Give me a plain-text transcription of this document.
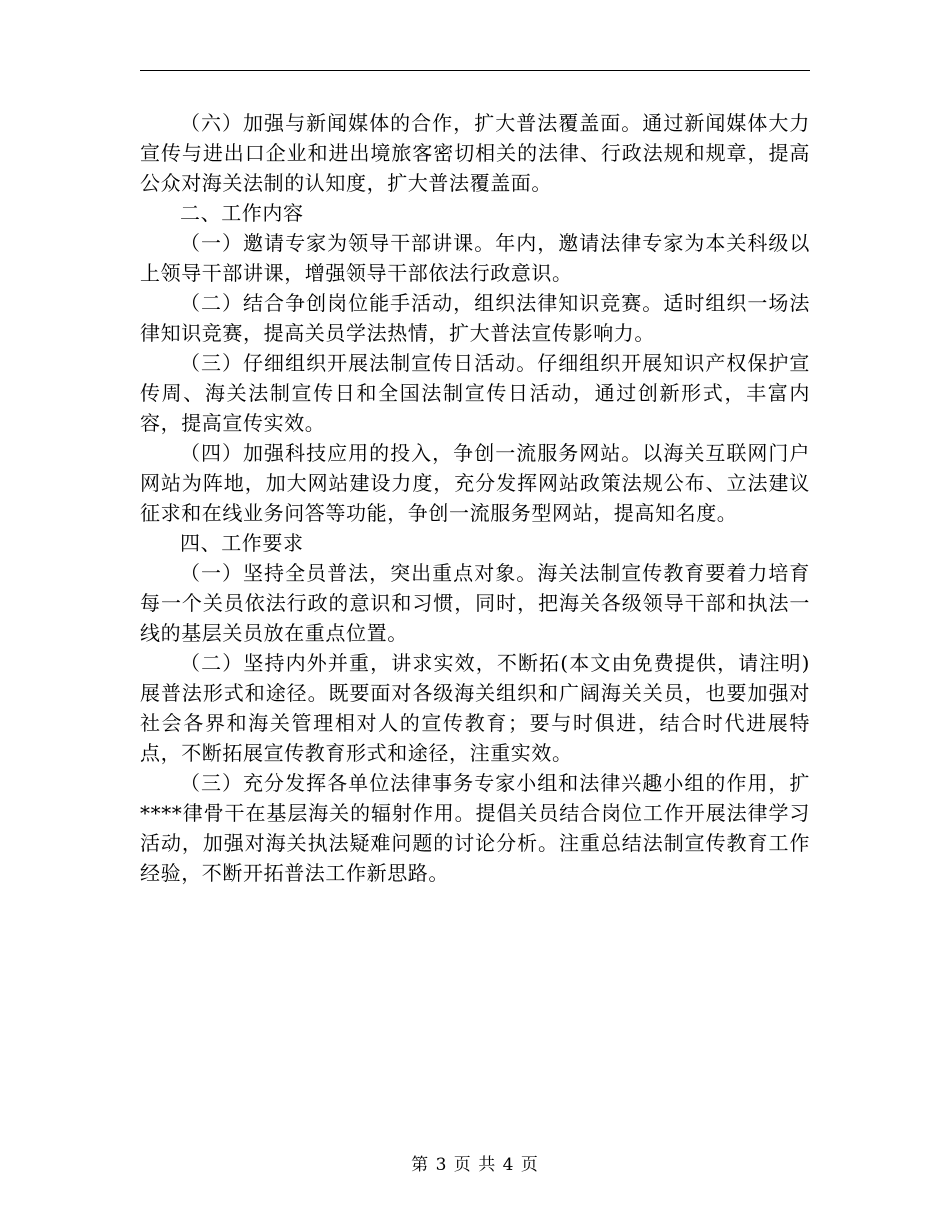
（六）加强与新闻媒体的合作，扩大普法覆盖面。通过新闻媒体大力宣传与进出口企业和进出境旅客密切相关的法律、行政法规和规章，提高公众对海关法制的认知度，扩大普法覆盖面。

二、工作内容

（一）邀请专家为领导干部讲课。年内，邀请法律专家为本关科级以上领导干部讲课，增强领导干部依法行政意识。

（二）结合争创岗位能手活动，组织法律知识竞赛。适时组织一场法律知识竞赛，提高关员学法热情，扩大普法宣传影响力。

（三）仔细组织开展法制宣传日活动。仔细组织开展知识产权保护宣传周、海关法制宣传日和全国法制宣传日活动，通过创新形式，丰富内容，提高宣传实效。

（四）加强科技应用的投入，争创一流服务网站。以海关互联网门户网站为阵地，加大网站建设力度，充分发挥网站政策法规公布、立法建议征求和在线业务问答等功能，争创一流服务型网站，提高知名度。

四、工作要求

（一）坚持全员普法，突出重点对象。海关法制宣传教育要着力培育每一个关员依法行政的意识和习惯，同时，把海关各级领导干部和执法一线的基层关员放在重点位置。

（二）坚持内外并重，讲求实效，不断拓(本文由免费提供，请注明)展普法形式和途径。既要面对各级海关组织和广阔海关关员，也要加强对社会各界和海关管理相对人的宣传教育；要与时俱进，结合时代进展特点，不断拓展宣传教育形式和途径，注重实效。

（三）充分发挥各单位法律事务专家小组和法律兴趣小组的作用，扩****律骨干在基层海关的辐射作用。提倡关员结合岗位工作开展法律学习活动，加强对海关执法疑难问题的讨论分析。注重总结法制宣传教育工作经验，不断开拓普法工作新思路。

第 3 页 共 4 页
